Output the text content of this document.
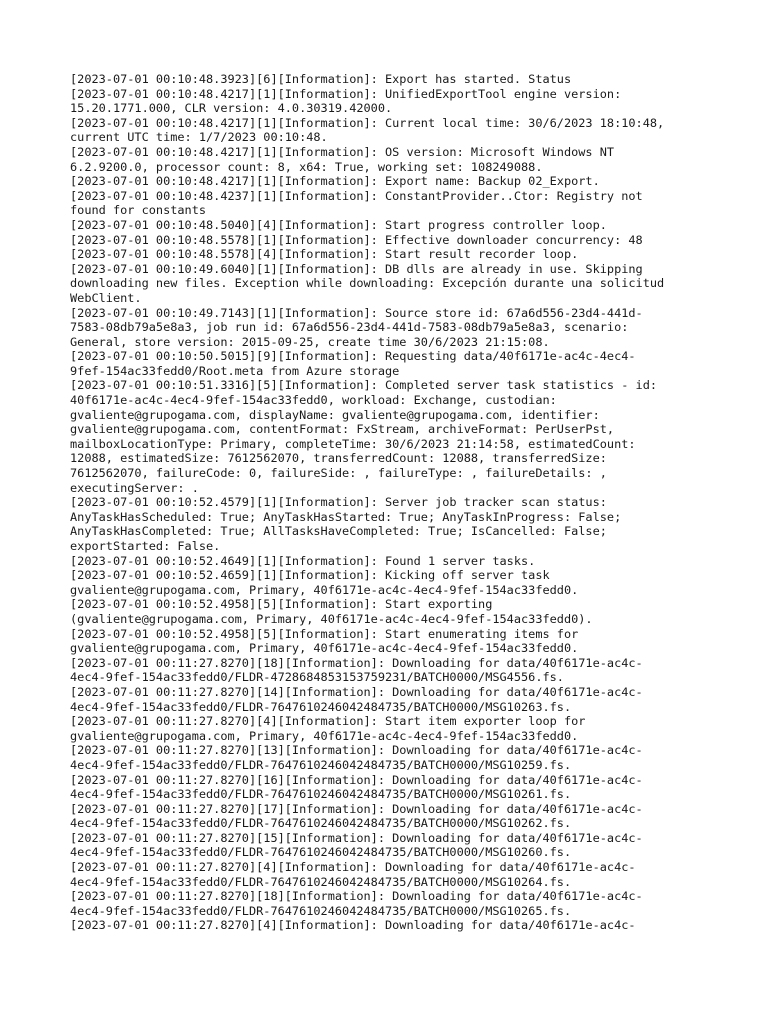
[2023-07-01 00:10:48.3923][6][Information]: Export has started. Status
[2023-07-01 00:10:48.4217][1][Information]: UnifiedExportTool engine version:
15.20.1771.000, CLR version: 4.0.30319.42000.
[2023-07-01 00:10:48.4217][1][Information]: Current local time: 30/6/2023 18:10:48,
current UTC time: 1/7/2023 00:10:48.
[2023-07-01 00:10:48.4217][1][Information]: OS version: Microsoft Windows NT
6.2.9200.0, processor count: 8, x64: True, working set: 108249088.
[2023-07-01 00:10:48.4217][1][Information]: Export name: Backup 02_Export.
[2023-07-01 00:10:48.4237][1][Information]: ConstantProvider..Ctor: Registry not
found for constants
[2023-07-01 00:10:48.5040][4][Information]: Start progress controller loop.
[2023-07-01 00:10:48.5578][1][Information]: Effective downloader concurrency: 48
[2023-07-01 00:10:48.5578][4][Information]: Start result recorder loop.
[2023-07-01 00:10:49.6040][1][Information]: DB dlls are already in use. Skipping
downloading new files. Exception while downloading: Excepción durante una solicitud
WebClient.
[2023-07-01 00:10:49.7143][1][Information]: Source store id: 67a6d556-23d4-441d-
7583-08db79a5e8a3, job run id: 67a6d556-23d4-441d-7583-08db79a5e8a3, scenario:
General, store version: 2015-09-25, create time 30/6/2023 21:15:08.
[2023-07-01 00:10:50.5015][9][Information]: Requesting data/40f6171e-ac4c-4ec4-
9fef-154ac33fedd0/Root.meta from Azure storage
[2023-07-01 00:10:51.3316][5][Information]: Completed server task statistics - id:
40f6171e-ac4c-4ec4-9fef-154ac33fedd0, workload: Exchange, custodian:
gvaliente@grupogama.com, displayName: gvaliente@grupogama.com, identifier:
gvaliente@grupogama.com, contentFormat: FxStream, archiveFormat: PerUserPst,
mailboxLocationType: Primary, completeTime: 30/6/2023 21:14:58, estimatedCount:
12088, estimatedSize: 7612562070, transferredCount: 12088, transferredSize:
7612562070, failureCode: 0, failureSide: , failureType: , failureDetails: ,
executingServer: .
[2023-07-01 00:10:52.4579][1][Information]: Server job tracker scan status:
AnyTaskHasScheduled: True; AnyTaskHasStarted: True; AnyTaskInProgress: False;
AnyTaskHasCompleted: True; AllTasksHaveCompleted: True; IsCancelled: False;
exportStarted: False.
[2023-07-01 00:10:52.4649][1][Information]: Found 1 server tasks.
[2023-07-01 00:10:52.4659][1][Information]: Kicking off server task
gvaliente@grupogama.com, Primary, 40f6171e-ac4c-4ec4-9fef-154ac33fedd0.
[2023-07-01 00:10:52.4958][5][Information]: Start exporting
(gvaliente@grupogama.com, Primary, 40f6171e-ac4c-4ec4-9fef-154ac33fedd0).
[2023-07-01 00:10:52.4958][5][Information]: Start enumerating items for
gvaliente@grupogama.com, Primary, 40f6171e-ac4c-4ec4-9fef-154ac33fedd0.
[2023-07-01 00:11:27.8270][18][Information]: Downloading for data/40f6171e-ac4c-
4ec4-9fef-154ac33fedd0/FLDR-4728684853153759231/BATCH0000/MSG4556.fs.
[2023-07-01 00:11:27.8270][14][Information]: Downloading for data/40f6171e-ac4c-
4ec4-9fef-154ac33fedd0/FLDR-7647610246042484735/BATCH0000/MSG10263.fs.
[2023-07-01 00:11:27.8270][4][Information]: Start item exporter loop for
gvaliente@grupogama.com, Primary, 40f6171e-ac4c-4ec4-9fef-154ac33fedd0.
[2023-07-01 00:11:27.8270][13][Information]: Downloading for data/40f6171e-ac4c-
4ec4-9fef-154ac33fedd0/FLDR-7647610246042484735/BATCH0000/MSG10259.fs.
[2023-07-01 00:11:27.8270][16][Information]: Downloading for data/40f6171e-ac4c-
4ec4-9fef-154ac33fedd0/FLDR-7647610246042484735/BATCH0000/MSG10261.fs.
[2023-07-01 00:11:27.8270][17][Information]: Downloading for data/40f6171e-ac4c-
4ec4-9fef-154ac33fedd0/FLDR-7647610246042484735/BATCH0000/MSG10262.fs.
[2023-07-01 00:11:27.8270][15][Information]: Downloading for data/40f6171e-ac4c-
4ec4-9fef-154ac33fedd0/FLDR-7647610246042484735/BATCH0000/MSG10260.fs.
[2023-07-01 00:11:27.8270][4][Information]: Downloading for data/40f6171e-ac4c-
4ec4-9fef-154ac33fedd0/FLDR-7647610246042484735/BATCH0000/MSG10264.fs.
[2023-07-01 00:11:27.8270][18][Information]: Downloading for data/40f6171e-ac4c-
4ec4-9fef-154ac33fedd0/FLDR-7647610246042484735/BATCH0000/MSG10265.fs.
[2023-07-01 00:11:27.8270][4][Information]: Downloading for data/40f6171e-ac4c-
